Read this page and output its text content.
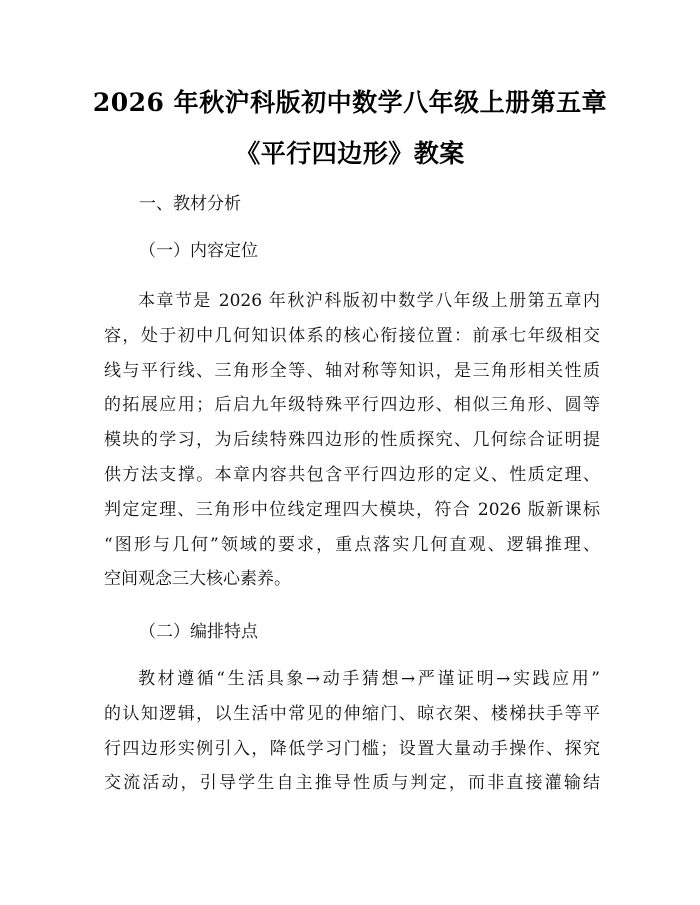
2026 年秋沪科版初中数学八年级上册第五章
《平行四边形》教案
一、教材分析
（一）内容定位
本章节是 2026 年秋沪科版初中数学八年级上册第五章内
容，处于初中几何知识体系的核心衔接位置：前承七年级相交
线与平行线、三角形全等、轴对称等知识，是三角形相关性质
的拓展应用；后启九年级特殊平行四边形、相似三角形、圆等
模块的学习，为后续特殊四边形的性质探究、几何综合证明提
供方法支撑。本章内容共包含平行四边形的定义、性质定理、
判定定理、三角形中位线定理四大模块，符合 2026 版新课标
“图形与几何”领域的要求，重点落实几何直观、逻辑推理、
空间观念三大核心素养。
（二）编排特点
教材遵循“生活具象→动手猜想→严谨证明→实践应用”
的认知逻辑，以生活中常见的伸缩门、晾衣架、楼梯扶手等平
行四边形实例引入，降低学习门槛；设置大量动手操作、探究
交流活动，引导学生自主推导性质与判定，而非直接灌输结
